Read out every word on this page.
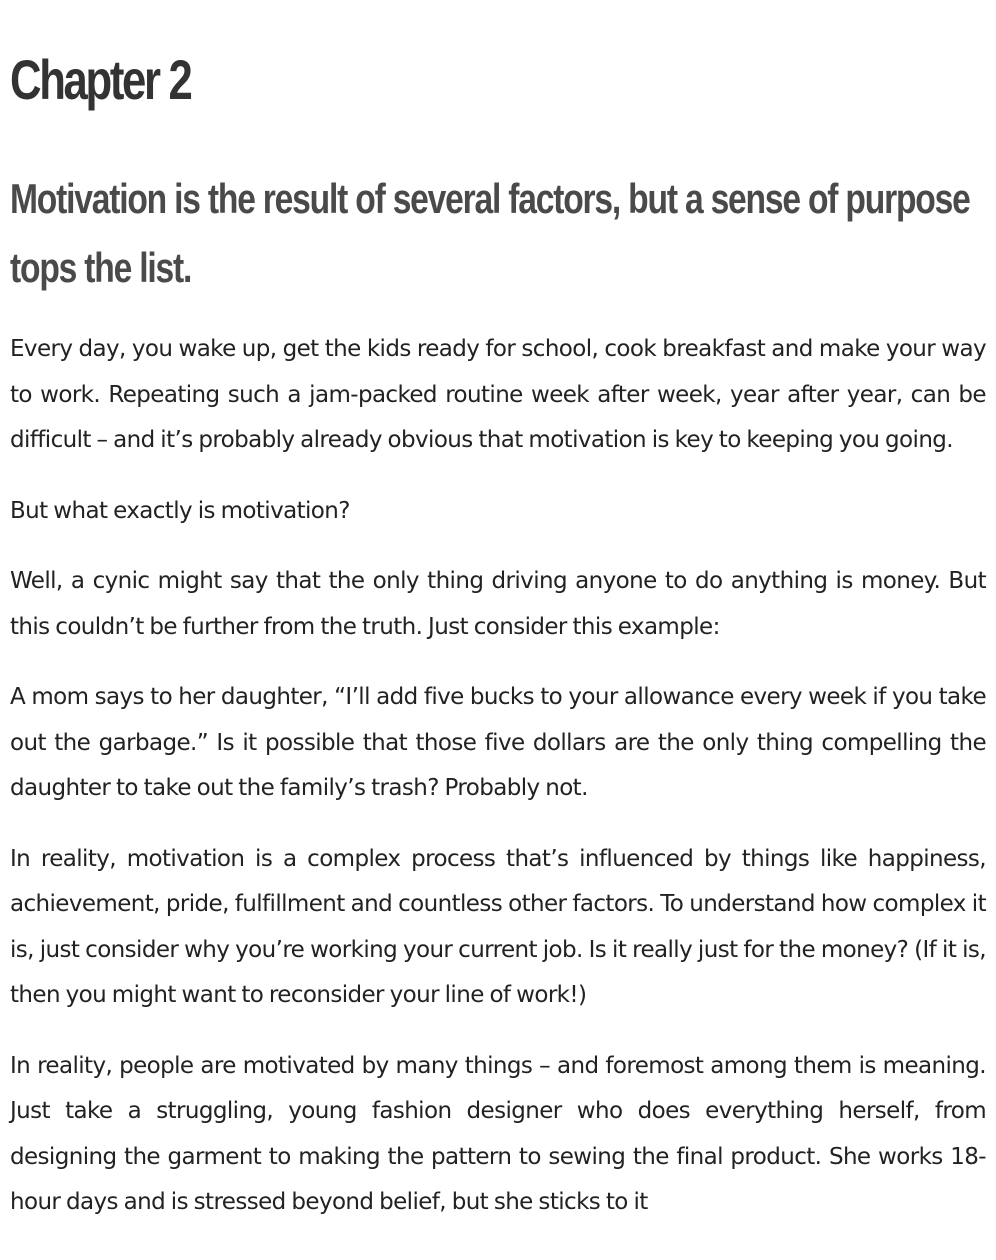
Chapter 2
Motivation is the result of several factors, but a sense of purpose tops the list.

Every day, you wake up, get the kids ready for school, cook breakfast and make your way to work. Repeating such a jam-packed routine week after week, year after year, can be difficult – and it’s probably already obvious that motivation is key to keeping you going.

But what exactly is motivation?

Well, a cynic might say that the only thing driving anyone to do anything is money. But this couldn’t be further from the truth. Just consider this example:

A mom says to her daughter, “I’ll add five bucks to your allowance every week if you take out the garbage.” Is it possible that those five dollars are the only thing compelling the daughter to take out the family’s trash? Probably not.

In reality, motivation is a complex process that’s influenced by things like happiness, achievement, pride, fulfillment and countless other factors. To understand how complex it is, just consider why you’re working your current job. Is it really just for the money? (If it is, then you might want to reconsider your line of work!)

In reality, people are motivated by many things – and foremost among them is meaning. Just take a struggling, young fashion designer who does everything herself, from designing the garment to making the pattern to sewing the final product. She works 18-hour days and is stressed beyond belief, but she sticks to it
